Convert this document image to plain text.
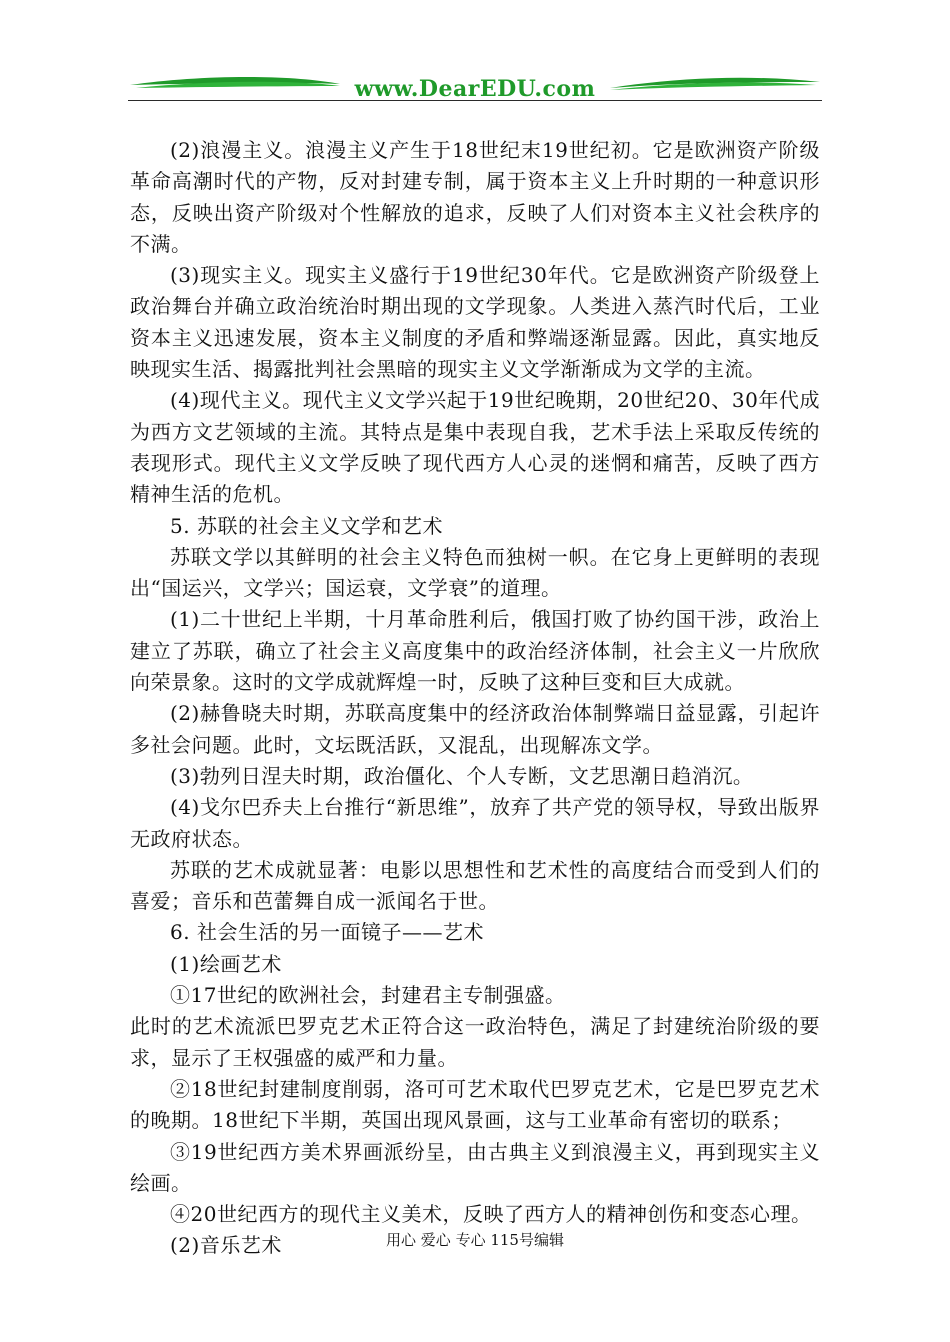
www.DearEDU.com

(2)浪漫主义。浪漫主义产生于18世纪末19世纪初。它是欧洲资产阶级革命高潮时代的产物，反对封建专制，属于资本主义上升时期的一种意识形态，反映出资产阶级对个性解放的追求，反映了人们对资本主义社会秩序的不满。

(3)现实主义。现实主义盛行于19世纪30年代。它是欧洲资产阶级登上政治舞台并确立政治统治时期出现的文学现象。人类进入蒸汽时代后，工业资本主义迅速发展，资本主义制度的矛盾和弊端逐渐显露。因此，真实地反映现实生活、揭露批判社会黑暗的现实主义文学渐渐成为文学的主流。

(4)现代主义。现代主义文学兴起于19世纪晚期，20世纪20、30年代成为西方文艺领域的主流。其特点是集中表现自我，艺术手法上采取反传统的表现形式。现代主义文学反映了现代西方人心灵的迷惘和痛苦，反映了西方精神生活的危机。

5. 苏联的社会主义文学和艺术

苏联文学以其鲜明的社会主义特色而独树一帜。在它身上更鲜明的表现出“国运兴，文学兴；国运衰，文学衰”的道理。

(1)二十世纪上半期，十月革命胜利后，俄国打败了协约国干涉，政治上建立了苏联，确立了社会主义高度集中的政治经济体制，社会主义一片欣欣向荣景象。这时的文学成就辉煌一时，反映了这种巨变和巨大成就。

(2)赫鲁晓夫时期，苏联高度集中的经济政治体制弊端日益显露，引起许多社会问题。此时，文坛既活跃，又混乱，出现解冻文学。

(3)勃列日涅夫时期，政治僵化、个人专断，文艺思潮日趋消沉。

(4)戈尔巴乔夫上台推行“新思维”，放弃了共产党的领导权，导致出版界无政府状态。

苏联的艺术成就显著：电影以思想性和艺术性的高度结合而受到人们的喜爱；音乐和芭蕾舞自成一派闻名于世。

6. 社会生活的另一面镜子——艺术

(1)绘画艺术

①17世纪的欧洲社会，封建君主专制强盛。

此时的艺术流派巴罗克艺术正符合这一政治特色，满足了封建统治阶级的要求，显示了王权强盛的威严和力量。

②18世纪封建制度削弱，洛可可艺术取代巴罗克艺术，它是巴罗克艺术的晚期。18世纪下半期，英国出现风景画，这与工业革命有密切的联系；

③19世纪西方美术界画派纷呈，由古典主义到浪漫主义，再到现实主义绘画。

④20世纪西方的现代主义美术，反映了西方人的精神创伤和变态心理。

(2)音乐艺术	用心 爱心 专心 115号编辑
